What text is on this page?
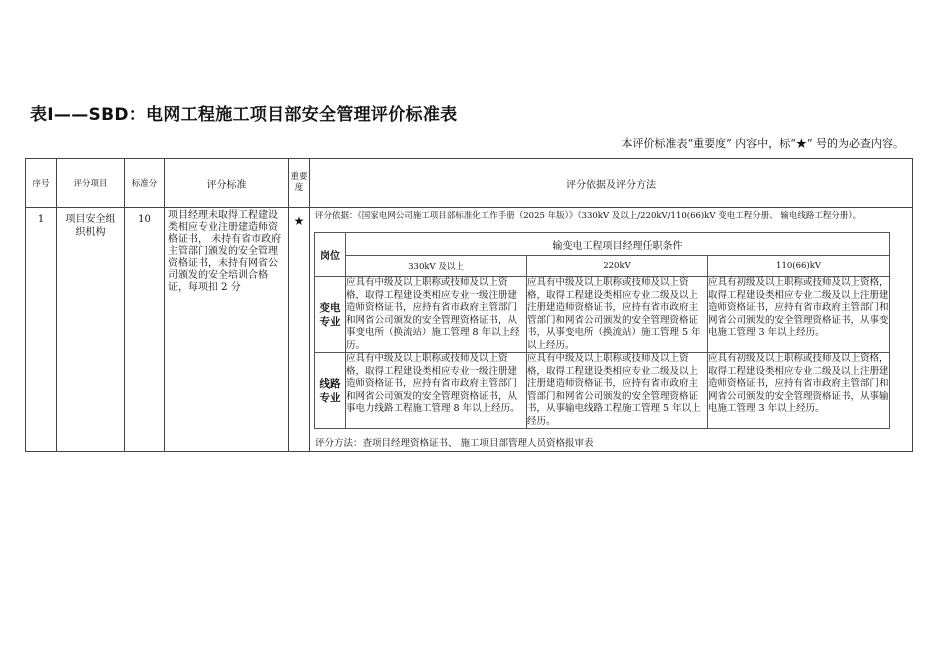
表Ⅰ——SBD：电网工程施工项目部安全管理评价标准表
本评价标准表“重要度” 内容中，标“★” 号的为必查内容。
序号	评分项目	标准分	评分标准	重要度	评分依据及评分方法
1	项目安全组织机构	10	项目经理未取得工程建设类相应专业注册建造师资格证书， 未持有省市政府主管部门颁发的安全管理资格证书，未持有网省公司颁发的安全培训合格证，每项扣 2 分	★	评分依据：《国家电网公司施工项目部标准化工作手册（2025 年版）》（330kV 及以上/220kV/110(66)kV 变电工程分册、 输电线路工程分册）。
岗位	输变电工程项目经理任职条件
330kV 及以上	220kV	110(66)kV
变电专业	应具有中级及以上职称或技师及以上资格，取得工程建设类相应专业一级注册建造师资格证书，应持有省市政府主管部门和网省公司颁发的安全管理资格证书，从事变电所（换流站）施工管理 8 年以上经历。	应具有中级及以上职称或技师及以上资格，取得工程建设类相应专业二级及以上注册建造师资格证书，应持有省市政府主管部门和网省公司颁发的安全管理资格证书，从事变电所（换流站）施工管理 5 年以上经历。	应具有初级及以上职称或技师及以上资格，取得工程建设类相应专业二级及以上注册建造师资格证书，应持有省市政府主管部门和网省公司颁发的安全管理资格证书，从事变电施工管理 3 年以上经历。
线路专业	应具有中级及以上职称或技师及以上资格，取得工程建设类相应专业一级注册建造师资格证书，应持有省市政府主管部门和网省公司颁发的安全管理资格证书，从事电力线路工程施工管理 8 年以上经历。	应具有中级及以上职称或技师及以上资格，取得工程建设类相应专业二级及以上注册建造师资格证书，应持有省市政府主管部门和网省公司颁发的安全管理资格证书，从事输电线路工程施工管理 5 年以上经历。	应具有初级及以上职称或技师及以上资格，取得工程建设类相应专业二级及以上注册建造师资格证书，应持有省市政府主管部门和网省公司颁发的安全管理资格证书，从事输电施工管理 3 年以上经历。
评分方法：查项目经理资格证书、 施工项目部管理人员资格报审表
